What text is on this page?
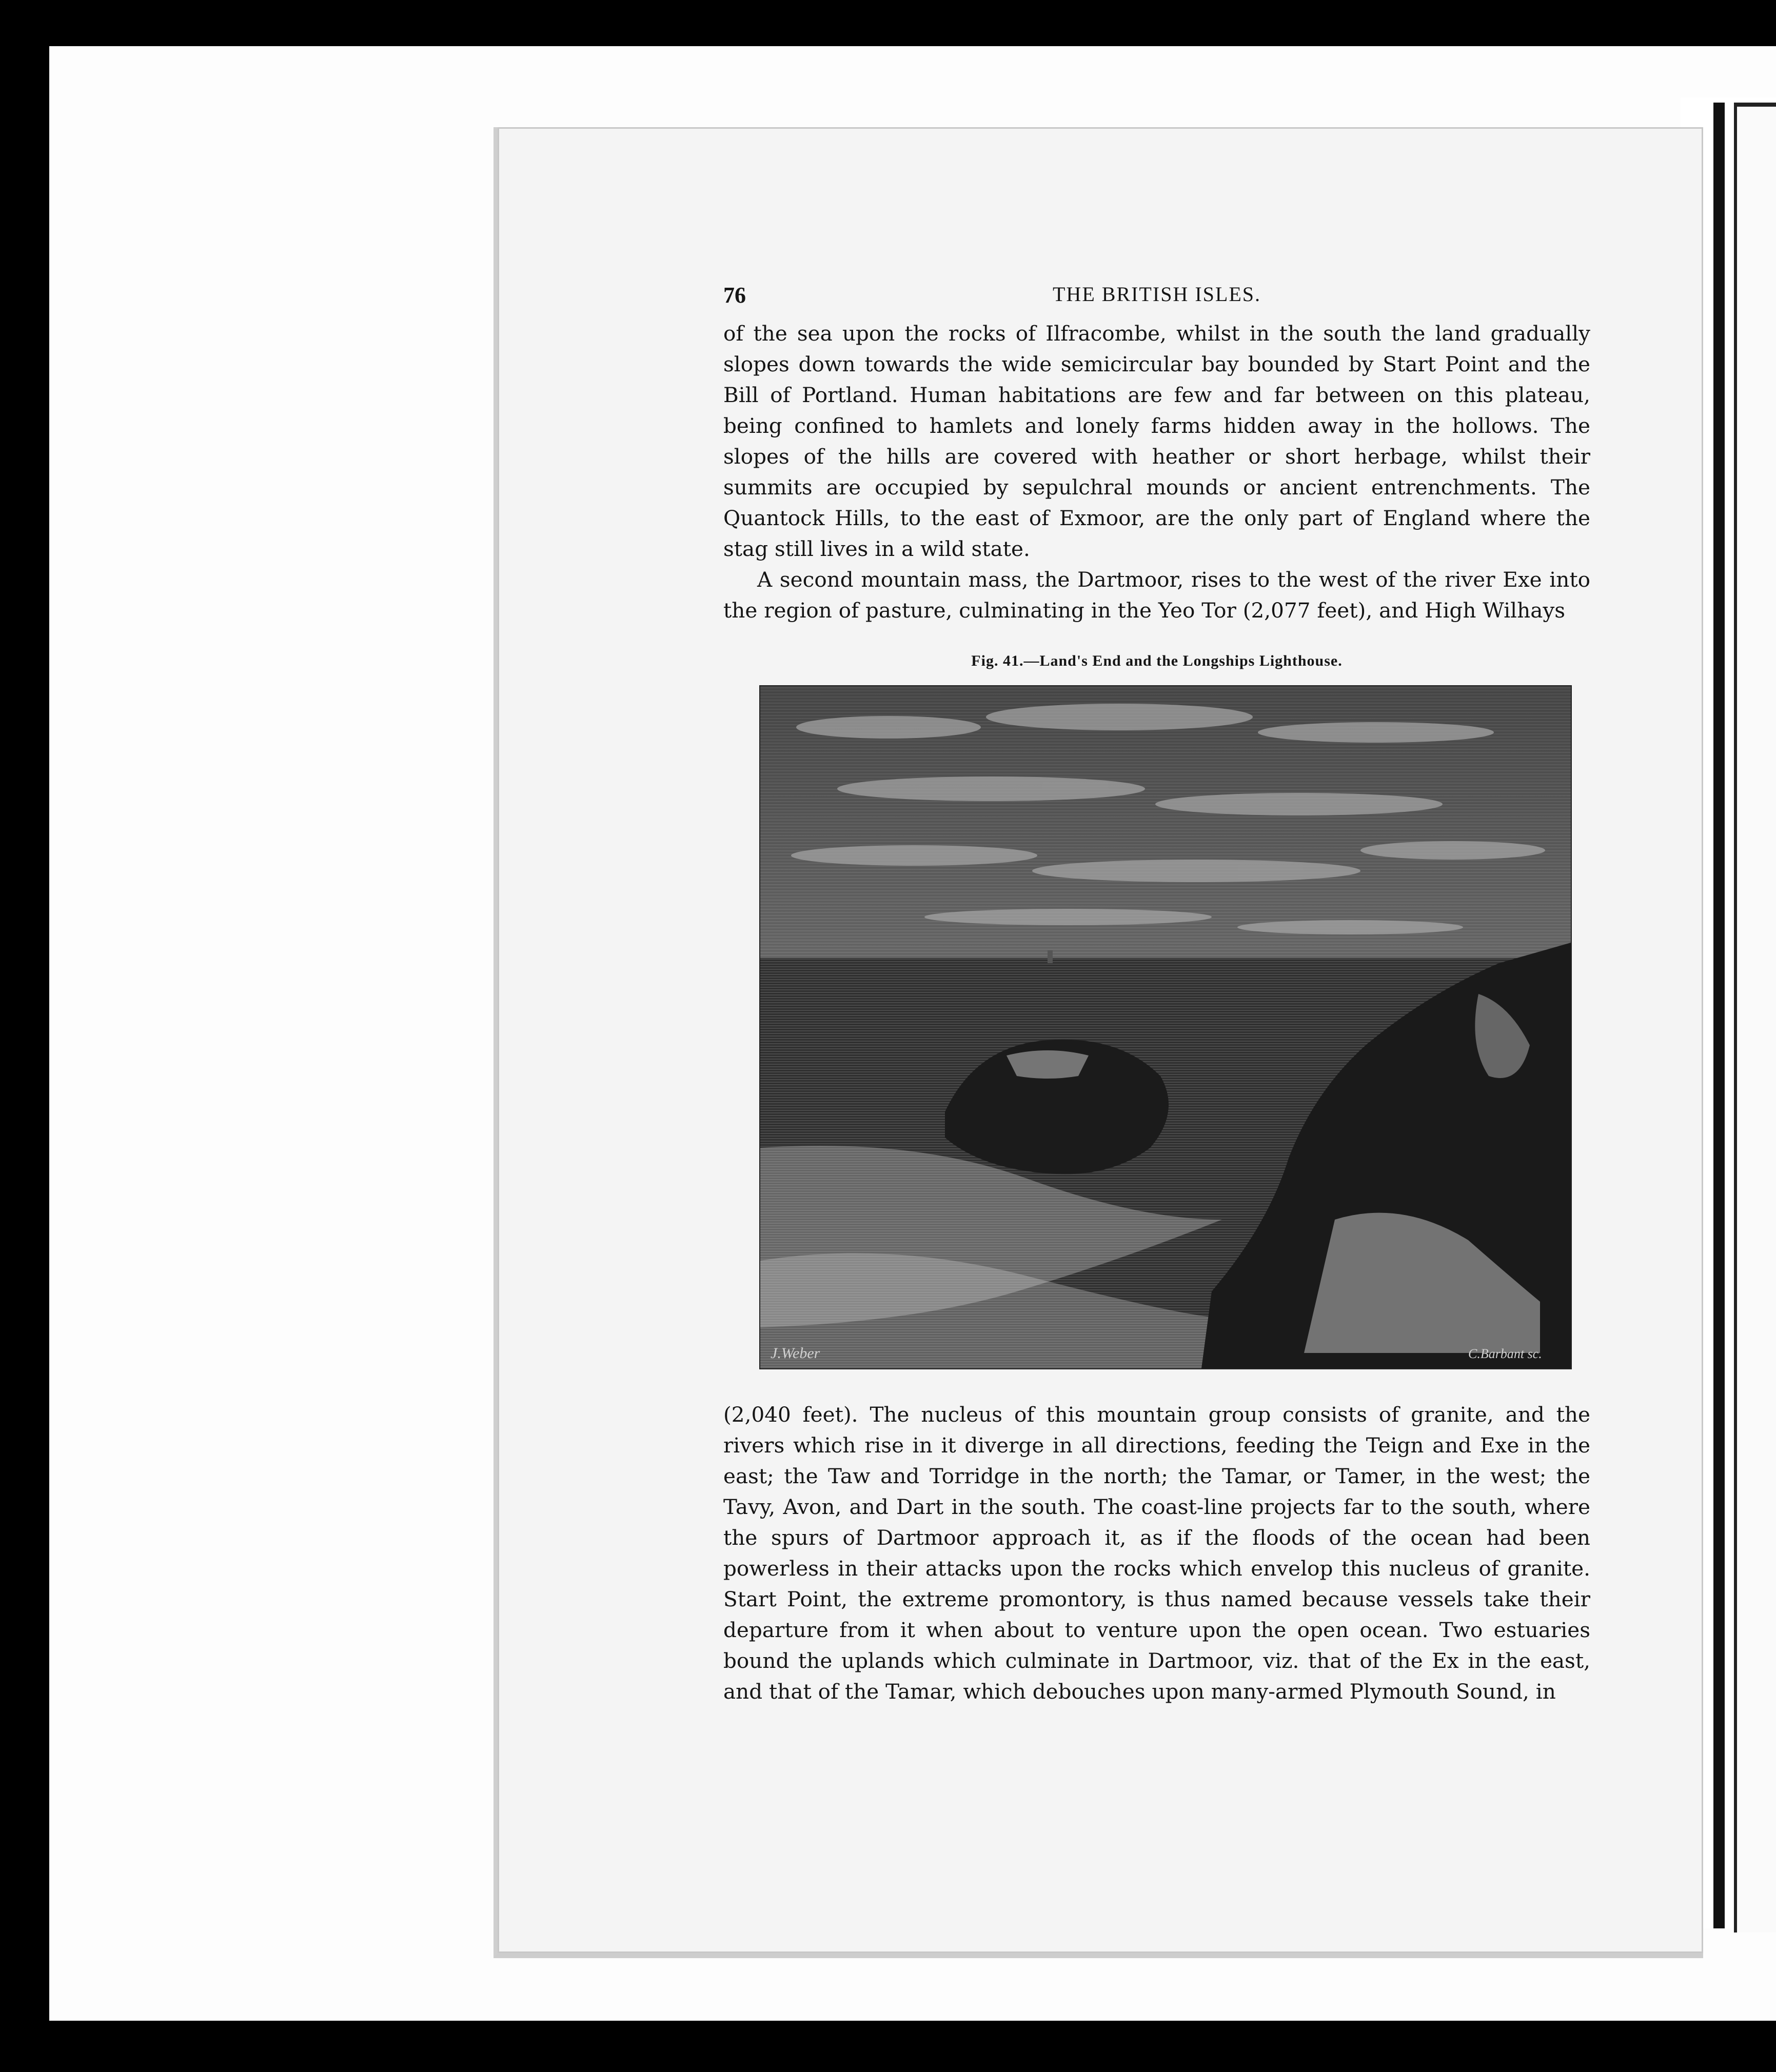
76	THE BRITISH ISLES.

of the sea upon the rocks of Ilfracombe, whilst in the south the land gradually slopes down towards the wide semicircular bay bounded by Start Point and the Bill of Portland. Human habitations are few and far between on this plateau, being confined to hamlets and lonely farms hidden away in the hollows. The slopes of the hills are covered with heather or short herbage, whilst their summits are occupied by sepulchral mounds or ancient entrenchments. The Quantock Hills, to the east of Exmoor, are the only part of England where the stag still lives in a wild state.

A second mountain mass, the Dartmoor, rises to the west of the river Exe into the region of pasture, culminating in the Yeo Tor (2,077 feet), and High Wilhays

Fig. 41.—Land's End and the Longships Lighthouse.
J.Weber	C.Barbant sc.

(2,040 feet). The nucleus of this mountain group consists of granite, and the rivers which rise in it diverge in all directions, feeding the Teign and Exe in the east; the Taw and Torridge in the north; the Tamar, or Tamer, in the west; the Tavy, Avon, and Dart in the south. The coast-line projects far to the south, where the spurs of Dartmoor approach it, as if the floods of the ocean had been powerless in their attacks upon the rocks which envelop this nucleus of granite. Start Point, the extreme promontory, is thus named because vessels take their departure from it when about to venture upon the open ocean. Two estuaries bound the uplands which culminate in Dartmoor, viz. that of the Ex in the east, and that of the Tamar, which debouches upon many-armed Plymouth Sound, in
